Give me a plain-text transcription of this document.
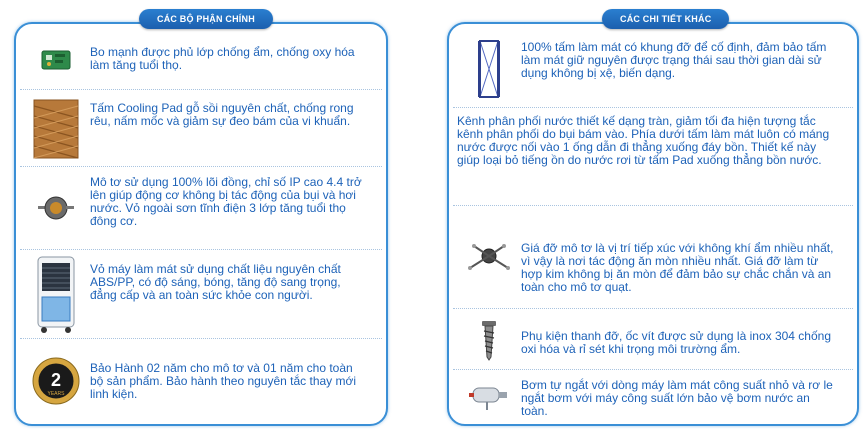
CÁC BỘ PHẬN CHÍNH	CÁC CHI TIẾT KHÁC
Bo mạnh được phủ lớp chống ẩm, chống oxy hóa làm tăng tuổi thọ.
Tấm Cooling Pad gỗ sồi nguyên chất, chống rong rêu, nấm mốc và giảm sự đeo bám của vi khuẩn.
Mô tơ sử dụng 100% lõi đồng, chỉ số IP cao 4.4 trở lên giúp động cơ không bị tác động của bụi và hơi nước. Vỏ ngoài sơn tĩnh điện 3 lớp tăng tuổi thọ đông cơ.
Vỏ máy làm mát sử dụng chất liệu nguyên chất ABS/PP, có độ sáng, bóng, tăng độ sang trọng, đẳng cấp và an toàn sức khỏe con người.
2
YEARS
Bảo Hành 02 năm cho mô tơ và 01 năm cho toàn bộ sản phẩm. Bảo hành theo nguyên tắc thay mới linh kiện.
100% tấm làm mát có khung đỡ để cố định, đảm bảo tấm làm mát giữ nguyên được trạng thái sau thời gian dài sử dụng không bị xệ, biến dạng.
Kênh phân phối nước thiết kế dạng tràn, giảm tối đa hiện tượng tắc kênh phân phối do bụi bám vào. Phía dưới tấm làm mát luôn có máng nước được nối vào 1 ống dẫn đi thẳng xuống đáy bồn. Thiết kế này giúp loại bỏ tiếng ồn do nước rơi từ tấm Pad xuống thẳng bồn nước.
Giá đỡ mô tơ là vị trí tiếp xúc với không khí ẩm nhiều nhất, vì vậy là nơi tác động ăn mòn nhiều nhất. Giá đỡ làm từ hợp kim không bị ăn mòn để đảm bảo sự chắc chắn và an toàn cho mô tơ quạt.
Phụ kiện thanh đỡ, ốc vít được sử dụng là inox 304 chống oxi hóa và rỉ sét khi trọng môi trường ẩm.
Bơm tự ngắt với dòng máy làm mát công suất nhỏ và rơ le ngắt bơm với máy công suất lớn bảo vệ bơm nước an toàn.
